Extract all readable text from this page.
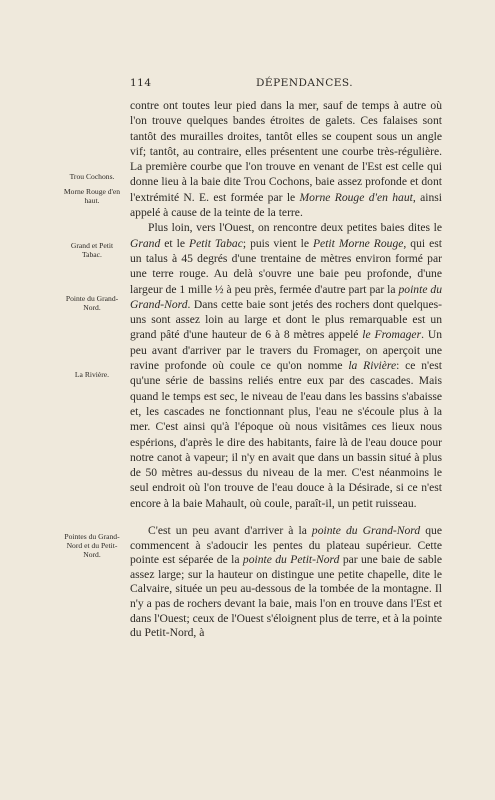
114	DÉPENDANCES.
Trou Cochons.
Morne Rouge d'en haut.
Grand et Petit Tabac.
Pointe du Grand-Nord.
La Rivière.
Pointes du Grand-Nord et du Petit-Nord.

contre ont toutes leur pied dans la mer, sauf de temps à autre où l'on trouve quelques bandes étroites de galets. Ces falaises sont tantôt des murailles droites, tantôt elles se coupent sous un angle vif; tantôt, au contraire, elles présentent une courbe très-régulière. La première courbe que l'on trouve en venant de l'Est est celle qui donne lieu à la baie dite Trou Cochons, baie assez profonde et dont l'extrémité N. E. est formée par le Morne Rouge d'en haut, ainsi appelé à cause de la teinte de la terre.

Plus loin, vers l'Ouest, on rencontre deux petites baies dites le Grand et le Petit Tabac; puis vient le Petit Morne Rouge, qui est un talus à 45 degrés d'une trentaine de mètres environ formé par une terre rouge. Au delà s'ouvre une baie peu profonde, d'une largeur de 1 mille ½ à peu près, fermée d'autre part par la pointe du Grand-Nord. Dans cette baie sont jetés des rochers dont quelques-uns sont assez loin au large et dont le plus remarquable est un grand pâté d'une hauteur de 6 à 8 mètres appelé le Fromager. Un peu avant d'arriver par le travers du Fromager, on aperçoit une ravine profonde où coule ce qu'on nomme la Rivière: ce n'est qu'une série de bassins reliés entre eux par des cascades. Mais quand le temps est sec, le niveau de l'eau dans les bassins s'abaisse et, les cascades ne fonctionnant plus, l'eau ne s'écoule plus à la mer. C'est ainsi qu'à l'époque où nous visitâmes ces lieux nous espérions, d'après le dire des habitants, faire là de l'eau douce pour notre canot à vapeur; il n'y en avait que dans un bassin situé à plus de 50 mètres au-dessus du niveau de la mer. C'est néanmoins le seul endroit où l'on trouve de l'eau douce à la Désirade, si ce n'est encore à la baie Mahault, où coule, paraît-il, un petit ruisseau.

C'est un peu avant d'arriver à la pointe du Grand-Nord que commencent à s'adoucir les pentes du plateau supérieur. Cette pointe est séparée de la pointe du Petit-Nord par une baie de sable assez large; sur la hauteur on distingue une petite chapelle, dite le Calvaire, située un peu au-dessous de la tombée de la montagne. Il n'y a pas de rochers devant la baie, mais l'on en trouve dans l'Est et dans l'Ouest; ceux de l'Ouest s'éloignent plus de terre, et à la pointe du Petit-Nord, à
